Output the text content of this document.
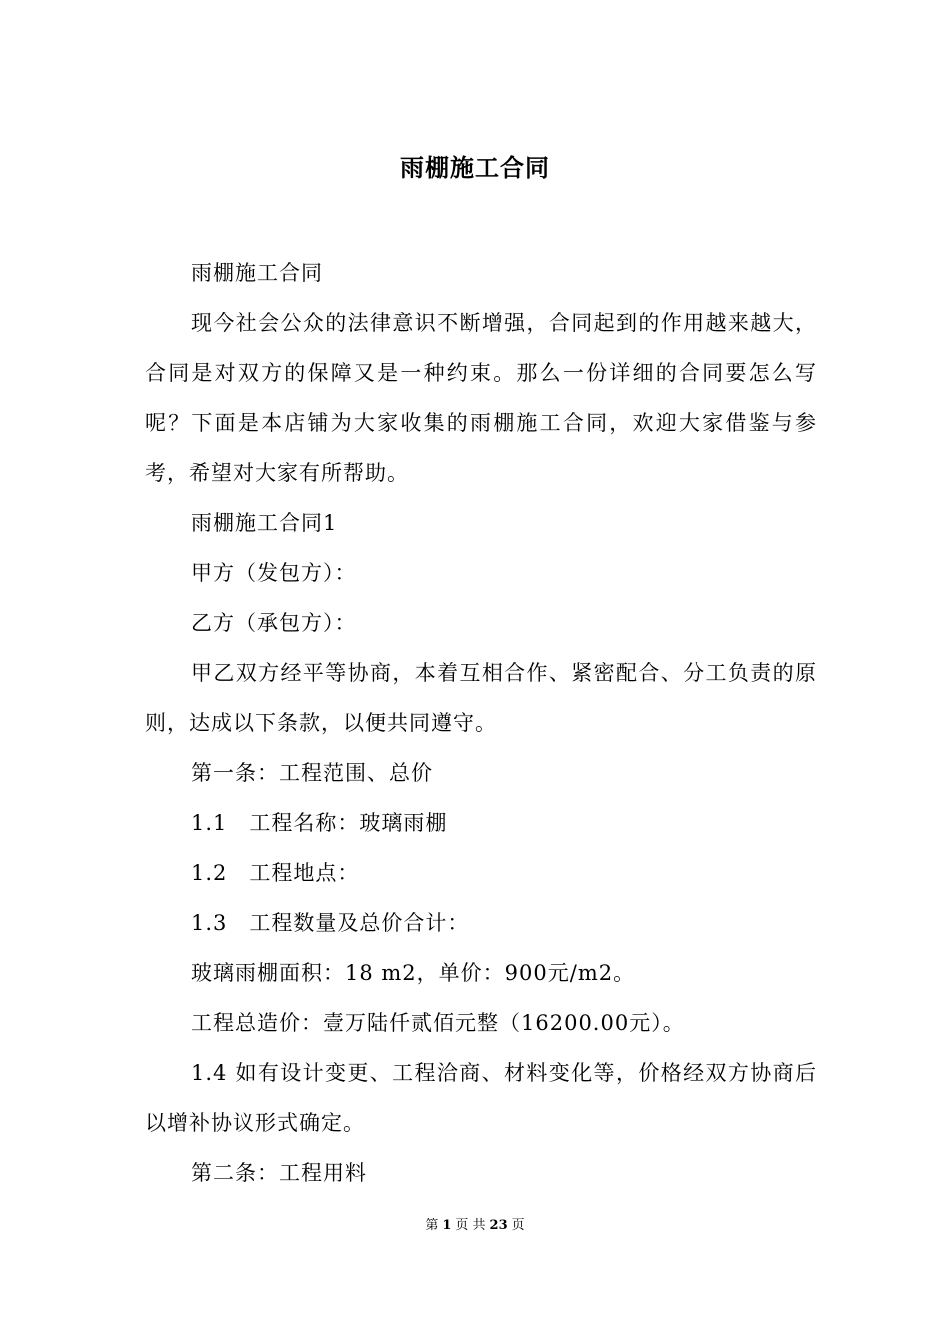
雨棚施工合同

雨棚施工合同

现今社会公众的法律意识不断增强，合同起到的作用越来越大，合同是对双方的保障又是一种约束。那么一份详细的合同要怎么写呢？下面是本店铺为大家收集的雨棚施工合同，欢迎大家借鉴与参考，希望对大家有所帮助。

雨棚施工合同1

甲方（发包方）：

乙方（承包方）：

甲乙双方经平等协商，本着互相合作、紧密配合、分工负责的原则，达成以下条款，以便共同遵守。

第一条：工程范围、总价

1.1　工程名称：玻璃雨棚

1.2　工程地点：

1.3　工程数量及总价合计：

玻璃雨棚面积：18 m2，单价：900元/m2。

工程总造价：壹万陆仟贰佰元整（16200.00元）。

1.4 如有设计变更、工程洽商、材料变化等，价格经双方协商后以增补协议形式确定。

第二条：工程用料

第 1 页 共 23 页
